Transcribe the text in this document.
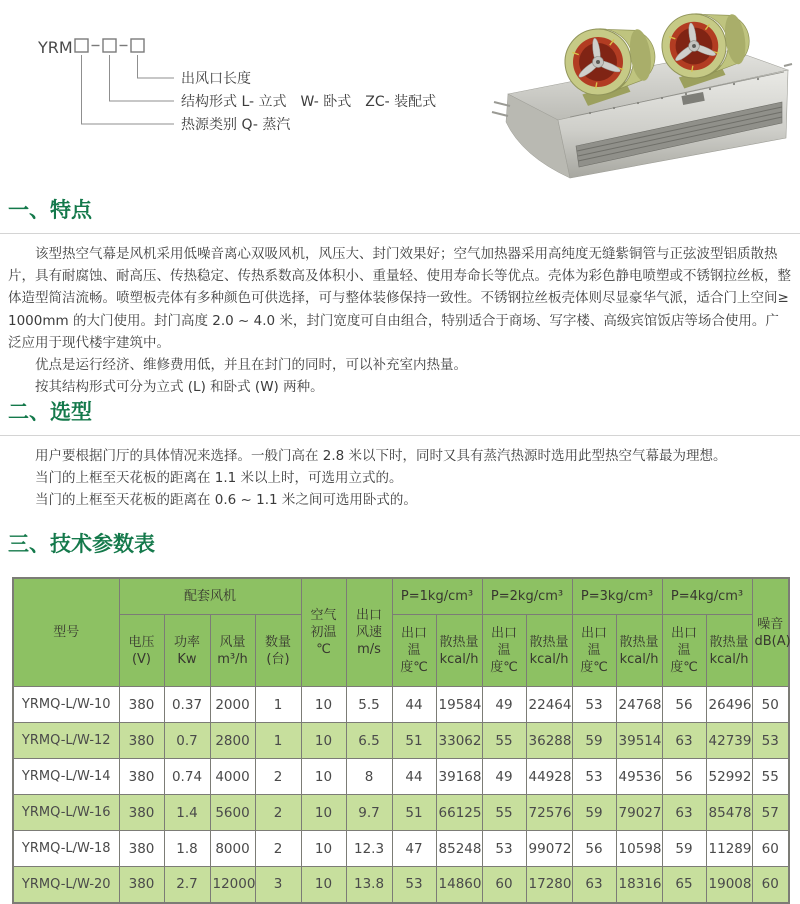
YRM
出风口长度
结构形式 L- 立式　W- 卧式　ZC- 装配式
热源类别 Q- 蒸汽
一、特点

该型热空气幕是风机采用低噪音离心双吸风机，风压大、封门效果好；空气加热器采用高纯度无缝紫铜管与正弦波型铝质散热片，具有耐腐蚀、耐高压、传热稳定、传热系数高及体积小、重量轻、使用寿命长等优点。壳体为彩色静电喷塑或不锈钢拉丝板，整体造型简洁流畅。喷塑板壳体有多种颜色可供选择，可与整体装修保持一致性。不锈钢拉丝板壳体则尽显豪华气派，适合门上空间≥ 1000mm 的大门使用。封门高度 2.0 ~ 4.0 米，封门宽度可自由组合，特别适合于商场、写字楼、高级宾馆饭店等场合使用。广泛应用于现代楼宇建筑中。

优点是运行经济、维修费用低，并且在封门的同时，可以补充室内热量。

按其结构形式可分为立式 (L) 和卧式 (W) 两种。

二、选型

用户要根据门厅的具体情况来选择。一般门高在 2.8 米以下时，同时又具有蒸汽热源时选用此型热空气幕最为理想。

当门的上框至天花板的距离在 1.1 米以上时，可选用立式的。

当门的上框至天花板的距离在 0.6 ~ 1.1 米之间可选用卧式的。

三、技术参数表
型号	配套风机				空气 初温 ℃	出口 风速 m/s	P=1kg/cm³		P=2kg/cm³		P=3kg/cm³		P=4kg/cm³		噪音 dB(A)
	电压 (V)	功率 Kw	风量 m³/h	数量 (台)			出口 温度℃	散热量 kcal/h	出口 温度℃	散热量 kcal/h	出口 温度℃	散热量 kcal/h	出口 温度℃	散热量 kcal/h	
YRMQ-L/W-10	380	0.37	2000	1	10	5.5	44	19584	49	22464	53	24768	56	26496	50
YRMQ-L/W-12	380	0.7	2800	1	10	6.5	51	33062	55	36288	59	39514	63	42739	53
YRMQ-L/W-14	380	0.74	4000	2	10	8	44	39168	49	44928	53	49536	56	52992	55
YRMQ-L/W-16	380	1.4	5600	2	10	9.7	51	66125	55	72576	59	79027	63	85478	57
YRMQ-L/W-18	380	1.8	8000	2	10	12.3	47	85248	53	99072	56	10598	59	11289	60
YRMQ-L/W-20	380	2.7	12000	3	10	13.8	53	14860	60	17280	63	18316	65	19008	60
